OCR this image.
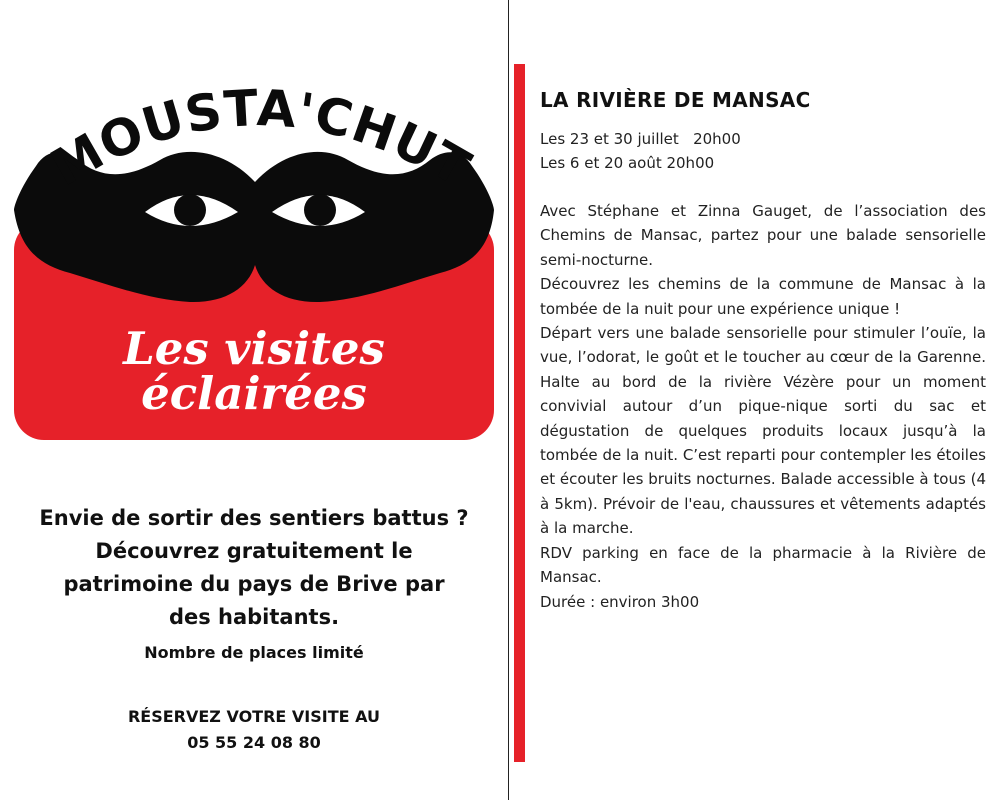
MOUSTA'CHUT
Les visites éclairées
Envie de sortir des sentiers battus ?
Découvrez gratuitement le
patrimoine du pays de Brive par
des habitants.
Nombre de places limité
RÉSERVEZ VOTRE VISITE AU
05 55 24 08 80
LA RIVIÈRE DE MANSAC
Les 23 et 30 juillet   20h00
Les 6 et 20 août 20h00

Avec Stéphane et Zinna Gauget, de l’association des Chemins de Mansac, partez pour une balade sensorielle semi-nocturne.

Découvrez les chemins de la commune de Mansac à la tombée de la nuit pour une expérience unique !

Départ vers une balade sensorielle pour stimuler l’ouïe, la vue, l’odorat, le goût et le toucher au cœur de la Garenne. Halte au bord de la rivière Vézère pour un moment convivial autour d’un pique-nique sorti du sac et dégustation de quelques produits locaux jusqu’à la tombée de la nuit. C’est reparti pour contempler les étoiles et écouter les bruits nocturnes. Balade accessible à tous (4 à 5km). Prévoir de l'eau, chaussures et vêtements adaptés à la marche.

RDV parking en face de la pharmacie à la Rivière de Mansac.

Durée : environ 3h00
